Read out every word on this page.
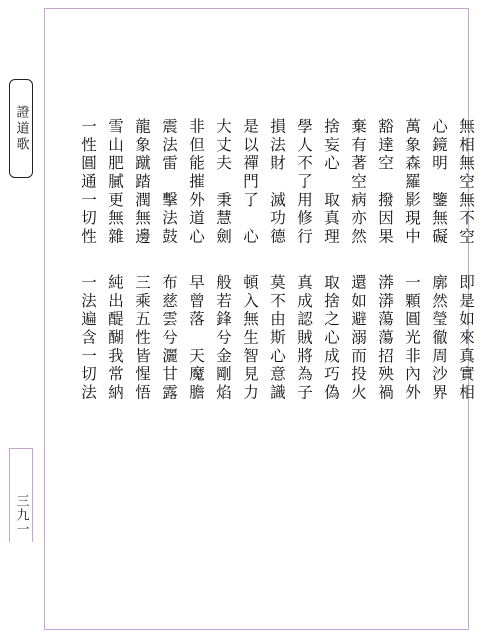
證道歌
三九一
無相無空無不空
即是如來真實相
心鏡明　鑒無礙
廓然瑩徹周沙界
萬象森羅影現中
一顆圓光非內外
豁達空　撥因果
漭漭蕩蕩招殃禍
棄有著空病亦然
還如避溺而投火
捨妄心　取真理
取捨之心成巧偽
學人不了用修行
真成認賊將為子
損法財　滅功德
莫不由斯心意識
是以禪門了　心
頓入無生智見力
大丈夫　秉慧劍
般若鋒兮金剛焰
非但能摧外道心
早曾落　天魔膽
震法雷　擊法鼓
布慈雲兮灑甘露
龍象蹴踏潤無邊
三乘五性皆惺悟
雪山肥膩更無雜
純出醍醐我常納
一性圓通一切性
一法遍含一切法
